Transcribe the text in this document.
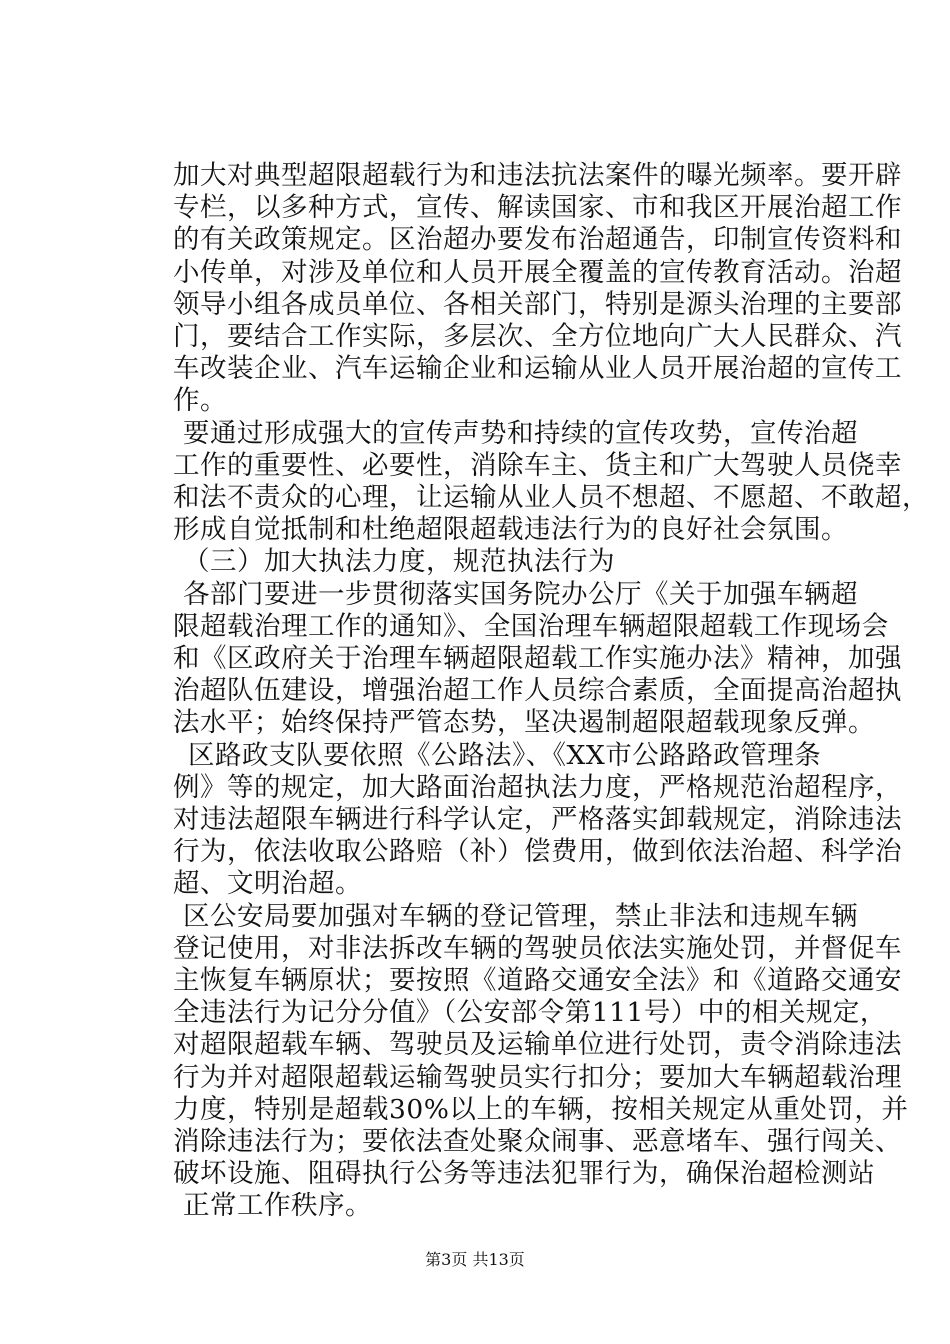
加大对典型超限超载行为和违法抗法案件的曝光频率。要开辟
专栏，以多种方式，宣传、解读国家、市和我区开展治超工作
的有关政策规定。区治超办要发布治超通告，印制宣传资料和
小传单，对涉及单位和人员开展全覆盖的宣传教育活动。治超
领导小组各成员单位、各相关部门，特别是源头治理的主要部
门，要结合工作实际，多层次、全方位地向广大人民群众、汽
车改装企业、汽车运输企业和运输从业人员开展治超的宣传工
作。
要通过形成强大的宣传声势和持续的宣传攻势，宣传治超
工作的重要性、必要性，消除车主、货主和广大驾驶人员侥幸
和法不责众的心理，让运输从业人员不想超、不愿超、不敢超，
形成自觉抵制和杜绝超限超载违法行为的良好社会氛围。
（三）加大执法力度，规范执法行为
各部门要进一步贯彻落实国务院办公厅《关于加强车辆超
限超载治理工作的通知》、全国治理车辆超限超载工作现场会
和《区政府关于治理车辆超限超载工作实施办法》精神，加强
治超队伍建设，增强治超工作人员综合素质，全面提高治超执
法水平；始终保持严管态势，坚决遏制超限超载现象反弹。
区路政支队要依照《公路法》、《XX市公路路政管理条
例》等的规定，加大路面治超执法力度，严格规范治超程序，
对违法超限车辆进行科学认定，严格落实卸载规定，消除违法
行为，依法收取公路赔（补）偿费用，做到依法治超、科学治
超、文明治超。
区公安局要加强对车辆的登记管理，禁止非法和违规车辆
登记使用，对非法拆改车辆的驾驶员依法实施处罚，并督促车
主恢复车辆原状；要按照《道路交通安全法》和《道路交通安
全违法行为记分分值》（公安部令第111号）中的相关规定，
对超限超载车辆、驾驶员及运输单位进行处罚，责令消除违法
行为并对超限超载运输驾驶员实行扣分；要加大车辆超载治理
力度，特别是超载30%以上的车辆，按相关规定从重处罚，并
消除违法行为；要依法查处聚众闹事、恶意堵车、强行闯关、
破坏设施、阻碍执行公务等违法犯罪行为，确保治超检测站
正常工作秩序。
第3页 共13页
